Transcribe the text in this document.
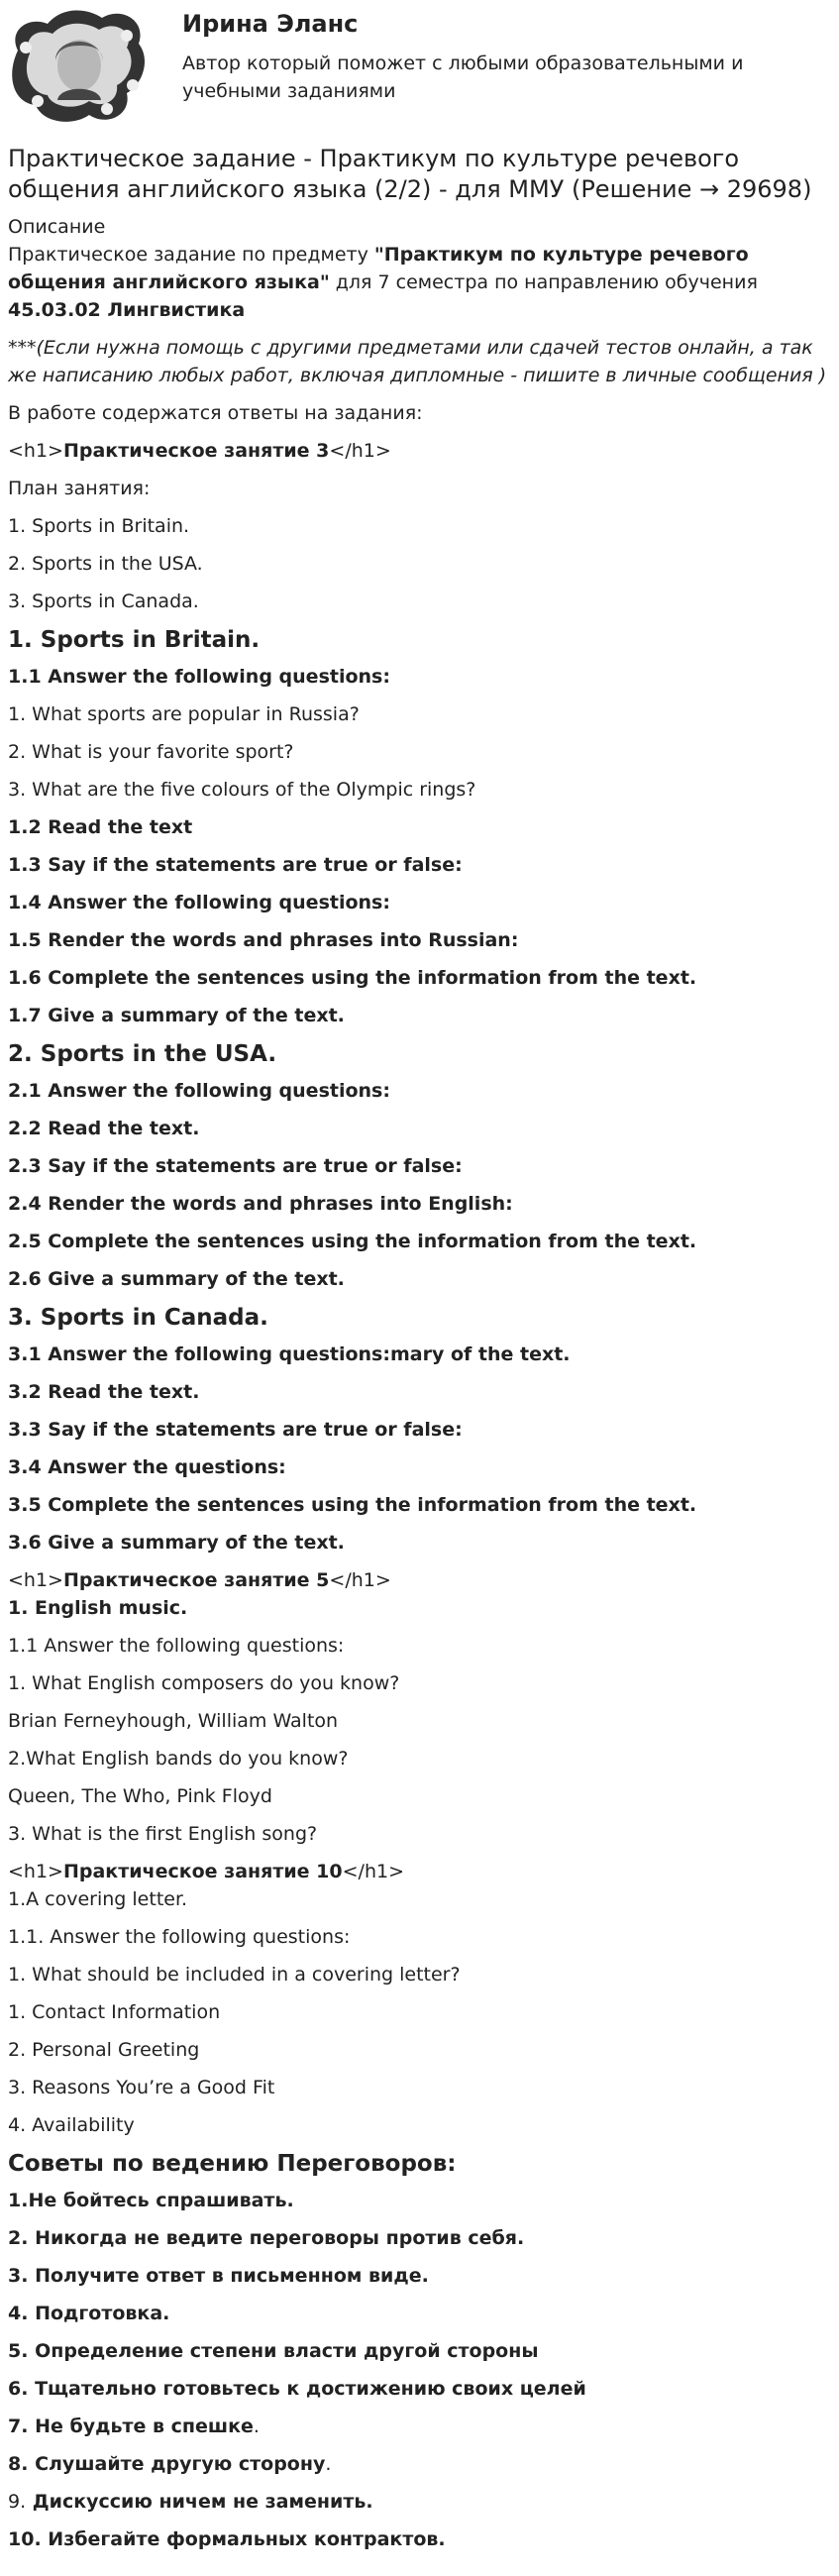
Ирина Эланс
Автор который поможет с любыми образовательными и учебными заданиями
Практическое задание - Практикум по культуре речевого общения английского языка (2/2) - для ММУ (Решение → 29698)
Описание
Практическое задание по предмету "Практикум по культуре речевого общения английского языка" для 7 семестра по направлению обучения 45.03.02 Лингвистика
***(Если нужна помощь с другими предметами или сдачей тестов онлайн, а так же написанию любых работ, включая дипломные - пишите в личные сообщения )
В работе содержатся ответы на задания:
<h1>Практическое занятие 3</h1>
План занятия:
1. Sports in Britain.
2. Sports in the USA.
3. Sports in Canada.
1. Sports in Britain.
1.1 Answer the following questions:
1. What sports are popular in Russia?
2. What is your favorite sport?
3. What are the five colours of the Olympic rings?
1.2 Read the text
1.3 Say if the statements are true or false:
1.4 Answer the following questions:
1.5 Render the words and phrases into Russian:
1.6 Complete the sentences using the information from the text.
1.7 Give a summary of the text.
2. Sports in the USA.
2.1 Answer the following questions:
2.2 Read the text.
2.3 Say if the statements are true or false:
2.4 Render the words and phrases into English:
2.5 Complete the sentences using the information from the text.
2.6 Give a summary of the text.
3. Sports in Canada.
3.1 Answer the following questions:mary of the text.
3.2 Read the text.
3.3 Say if the statements are true or false:
3.4 Answer the questions:
3.5 Complete the sentences using the information from the text.
3.6 Give a summary of the text.
<h1>Практическое занятие 5</h1>
1. English music.
1.1 Answer the following questions:
1. What English composers do you know?
Brian Ferneyhough, William Walton
2.What English bands do you know?
Queen, The Who, Pink Floyd
3. What is the first English song?
<h1>Практическое занятие 10</h1>
1.A covering letter.
1.1. Answer the following questions:
1. What should be included in a covering letter?
1. Contact Information
2. Personal Greeting
3. Reasons You’re a Good Fit
4. Availability
Советы по ведению Переговоров:
1.Не бойтесь спрашивать.
2. Никогда не ведите переговоры против себя.
3. Получите ответ в письменном виде.
4. Подготовка.
5. Определение степени власти другой стороны
6. Тщательно готовьтесь к достижению своих целей
7. Не будьте в спешке.
8. Слушайте другую сторону.
9. Дискуссию ничем не заменить.
10. Избегайте формальных контрактов.
